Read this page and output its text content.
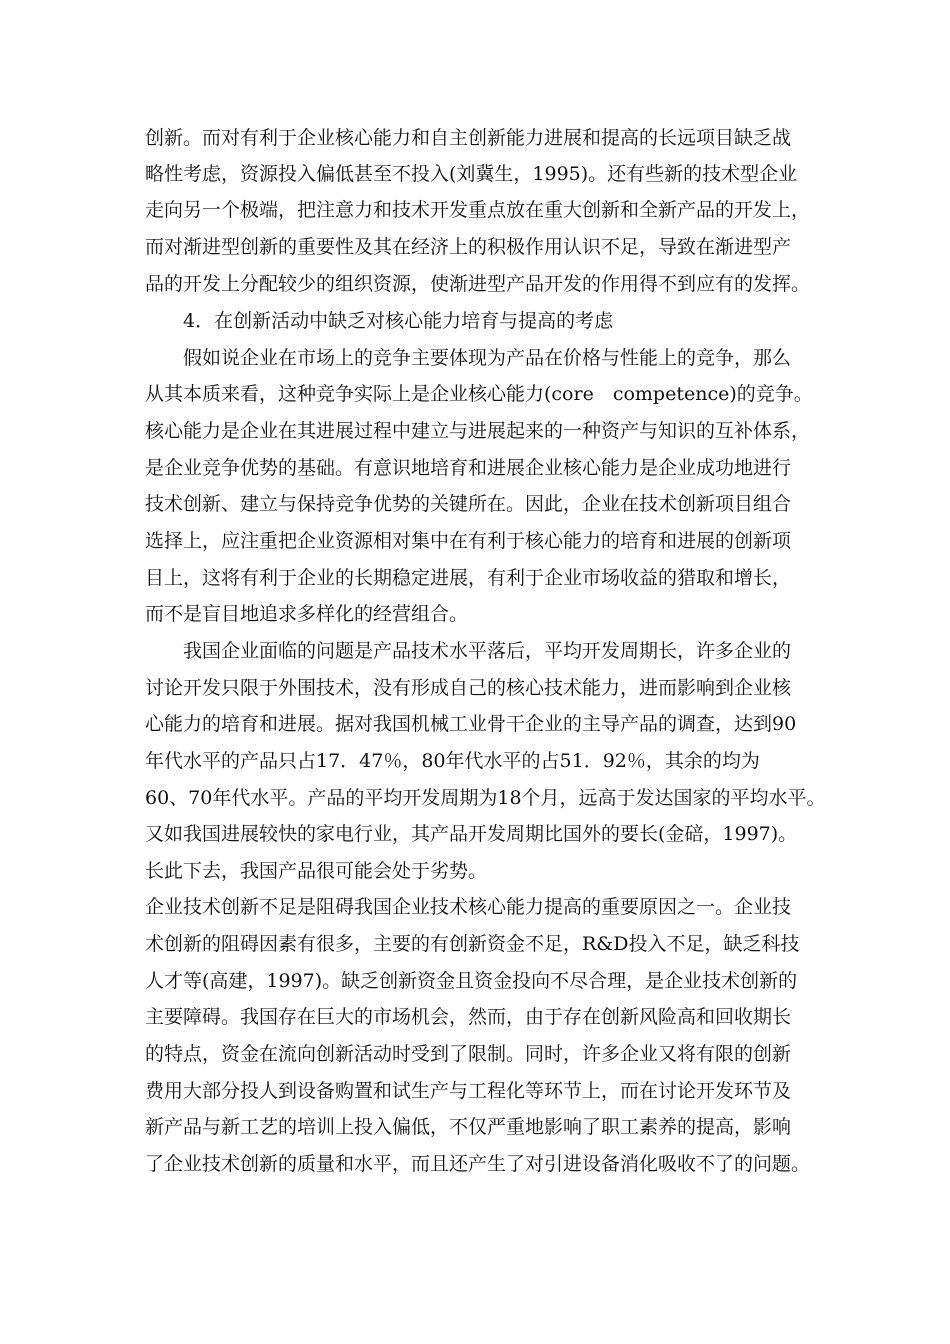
创新。而对有利于企业核心能力和自主创新能力进展和提高的长远项目缺乏战
略性考虑，资源投入偏低甚至不投入(刘冀生，1995)。还有些新的技术型企业
走向另一个极端，把注意力和技术开发重点放在重大创新和全新产品的开发上，
而对渐进型创新的重要性及其在经济上的积极作用认识不足，导致在渐进型产
品的开发上分配较少的组织资源，使渐进型产品开发的作用得不到应有的发挥。
4．在创新活动中缺乏对核心能力培育与提高的考虑
假如说企业在市场上的竞争主要体现为产品在价格与性能上的竞争，那么
从其本质来看，这种竞争实际上是企业核心能力(core　competence)的竞争。
核心能力是企业在其进展过程中建立与进展起来的一种资产与知识的互补体系，
是企业竞争优势的基础。有意识地培育和进展企业核心能力是企业成功地进行
技术创新、建立与保持竞争优势的关键所在。因此，企业在技术创新项目组合
选择上，应注重把企业资源相对集中在有利于核心能力的培育和进展的创新项
目上，这将有利于企业的长期稳定进展，有利于企业市场收益的猎取和增长，
而不是盲目地追求多样化的经营组合。
我国企业面临的问题是产品技术水平落后，平均开发周期长，许多企业的
讨论开发只限于外围技术，没有形成自己的核心技术能力，进而影响到企业核
心能力的培育和进展。据对我国机械工业骨干企业的主导产品的调查，达到90
年代水平的产品只占17．47％，80年代水平的占51．92％，其余的均为
60、70年代水平。产品的平均开发周期为18个月，远高于发达国家的平均水平。
又如我国进展较快的家电行业，其产品开发周期比国外的要长(金碚，1997)。
长此下去，我国产品很可能会处于劣势。
企业技术创新不足是阻碍我国企业技术核心能力提高的重要原因之一。企业技
术创新的阻碍因素有很多，主要的有创新资金不足，R&D投入不足，缺乏科技
人才等(高建，1997)。缺乏创新资金且资金投向不尽合理，是企业技术创新的
主要障碍。我国存在巨大的市场机会，然而，由于存在创新风险高和回收期长
的特点，资金在流向创新活动时受到了限制。同时，许多企业又将有限的创新
费用大部分投人到设备购置和试生产与工程化等环节上，而在讨论开发环节及
新产品与新工艺的培训上投入偏低，不仅严重地影响了职工素养的提高，影响
了企业技术创新的质量和水平，而且还产生了对引进设备消化吸收不了的问题。
